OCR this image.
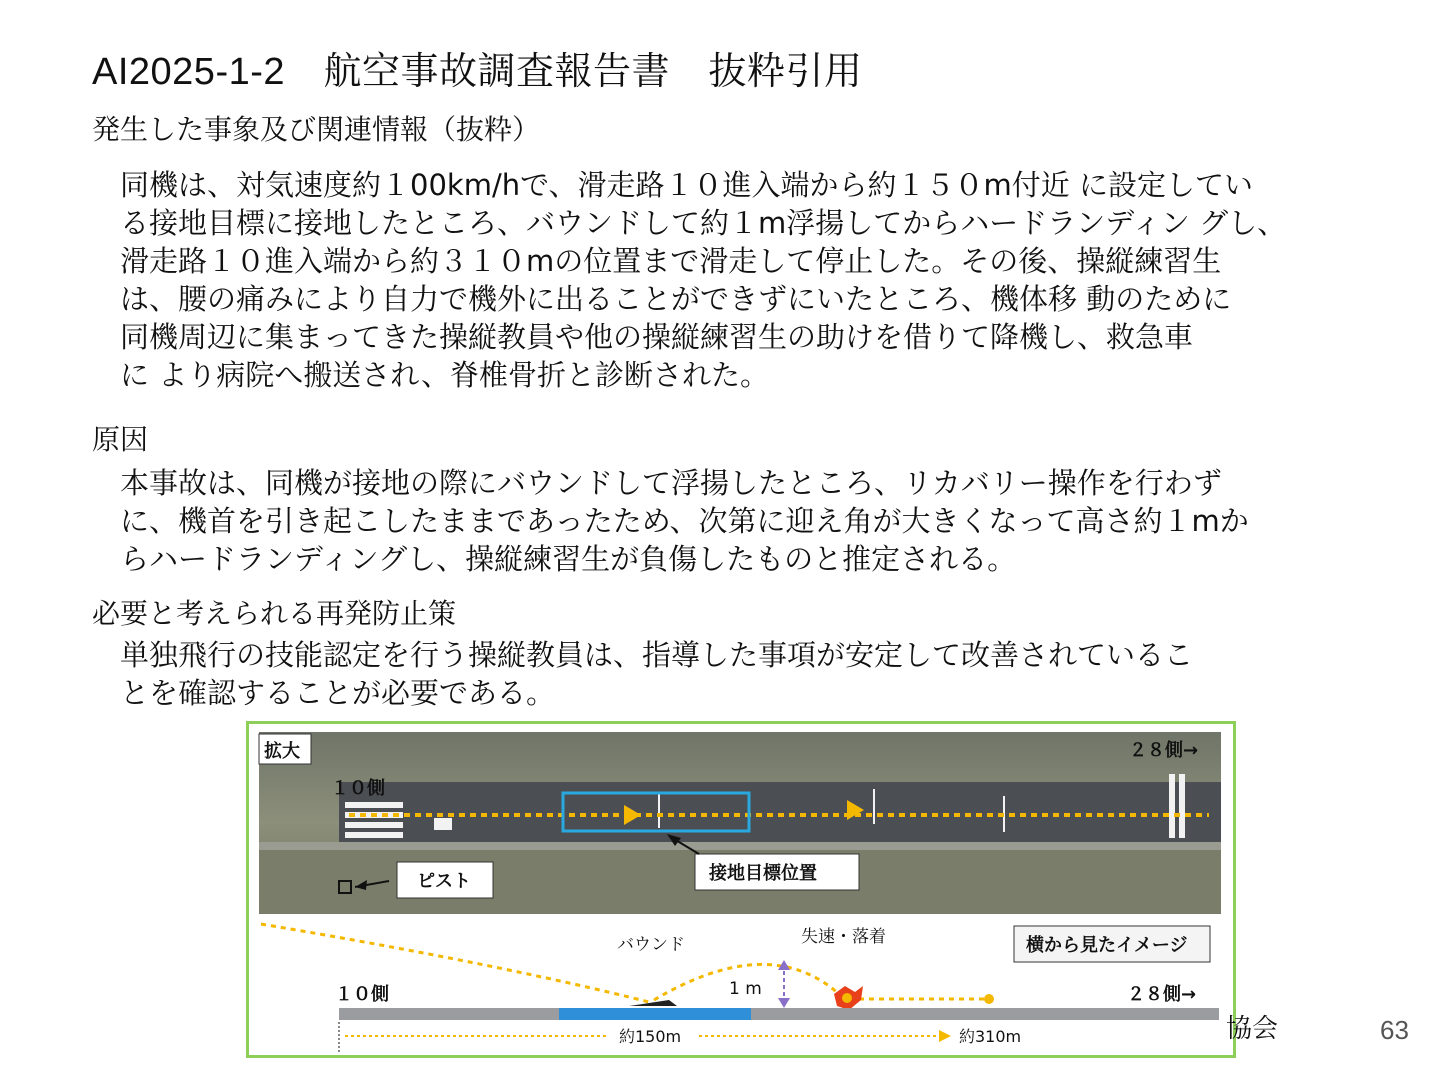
AI2025-1-2　航空事故調査報告書　抜粋引用
発生した事象及び関連情報（抜粋）
同機は、対気速度約１00km/hで、滑走路１０進入端から約１５０m付近 に設定してい
る接地目標に接地したところ、バウンドして約１m浮揚してからハードランディン グし、
滑走路１０進入端から約３１０mの位置まで滑走して停止した。その後、操縦練習生
は、腰の痛みにより自力で機外に出ることができずにいたところ、機体移 動のために
同機周辺に集まってきた操縦教員や他の操縦練習生の助けを借りて降機し、救急車
に より病院へ搬送され、脊椎骨折と診断された。
原因
本事故は、同機が接地の際にバウンドして浮揚したところ、リカバリー操作を行わず
に、機首を引き起こしたままであったため、次第に迎え角が大きくなって高さ約１mか
らハードランディングし、操縦練習生が負傷したものと推定される。
必要と考えられる再発防止策
単独飛行の技能認定を行う操縦教員は、指導した事項が安定して改善されているこ
とを確認することが必要である。
拡大
１０側
２８側→
ピスト	接地目標位置
横から見たイメージ
バウンド	失速・落着
1 m
１０側	２８側→
約150m	約310m	協会	63
